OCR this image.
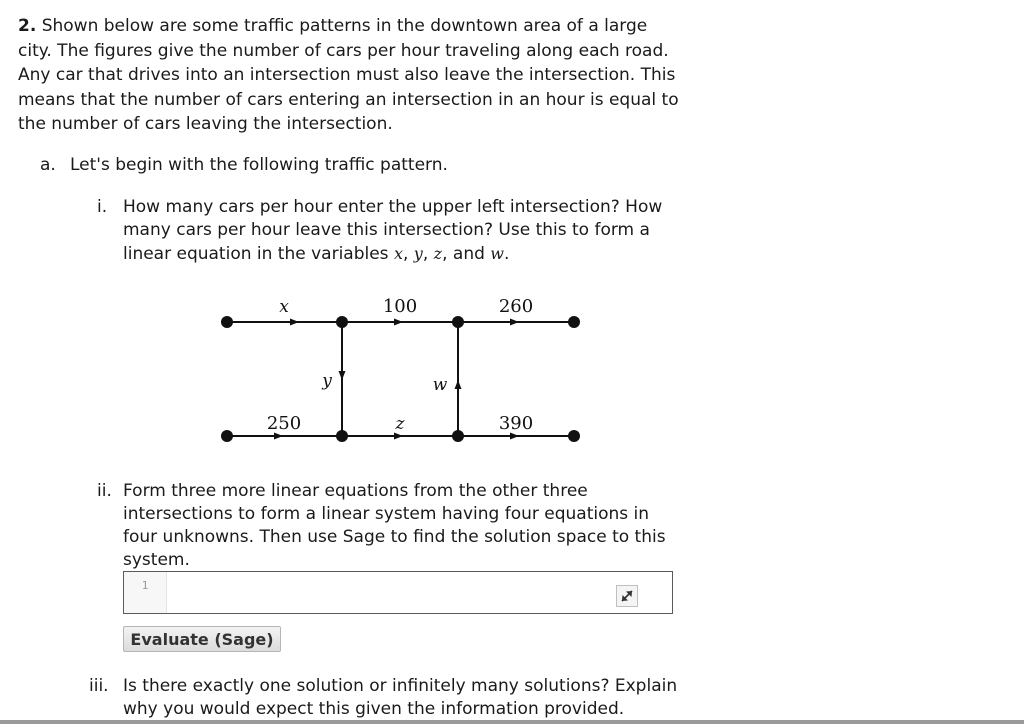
2. Shown below are some traffic patterns in the downtown area of a large city. The figures give the number of cars per hour traveling along each road. Any car that drives into an intersection must also leave the intersection. This means that the number of cars entering an intersection in an hour is equal to the number of cars leaving the intersection.
a. Let's begin with the following traffic pattern.
i. How many cars per hour enter the upper left intersection? How many cars per hour leave this intersection? Use this to form a linear equation in the variables x, y, z, and w.
x	100	260
y	w
250	z	390
ii. Form three more linear equations from the other three intersections to form a linear system having four equations in four unknowns. Then use Sage to find the solution space to this system.
1
Evaluate (Sage)
iii. Is there exactly one solution or infinitely many solutions? Explain why you would expect this given the information provided.
